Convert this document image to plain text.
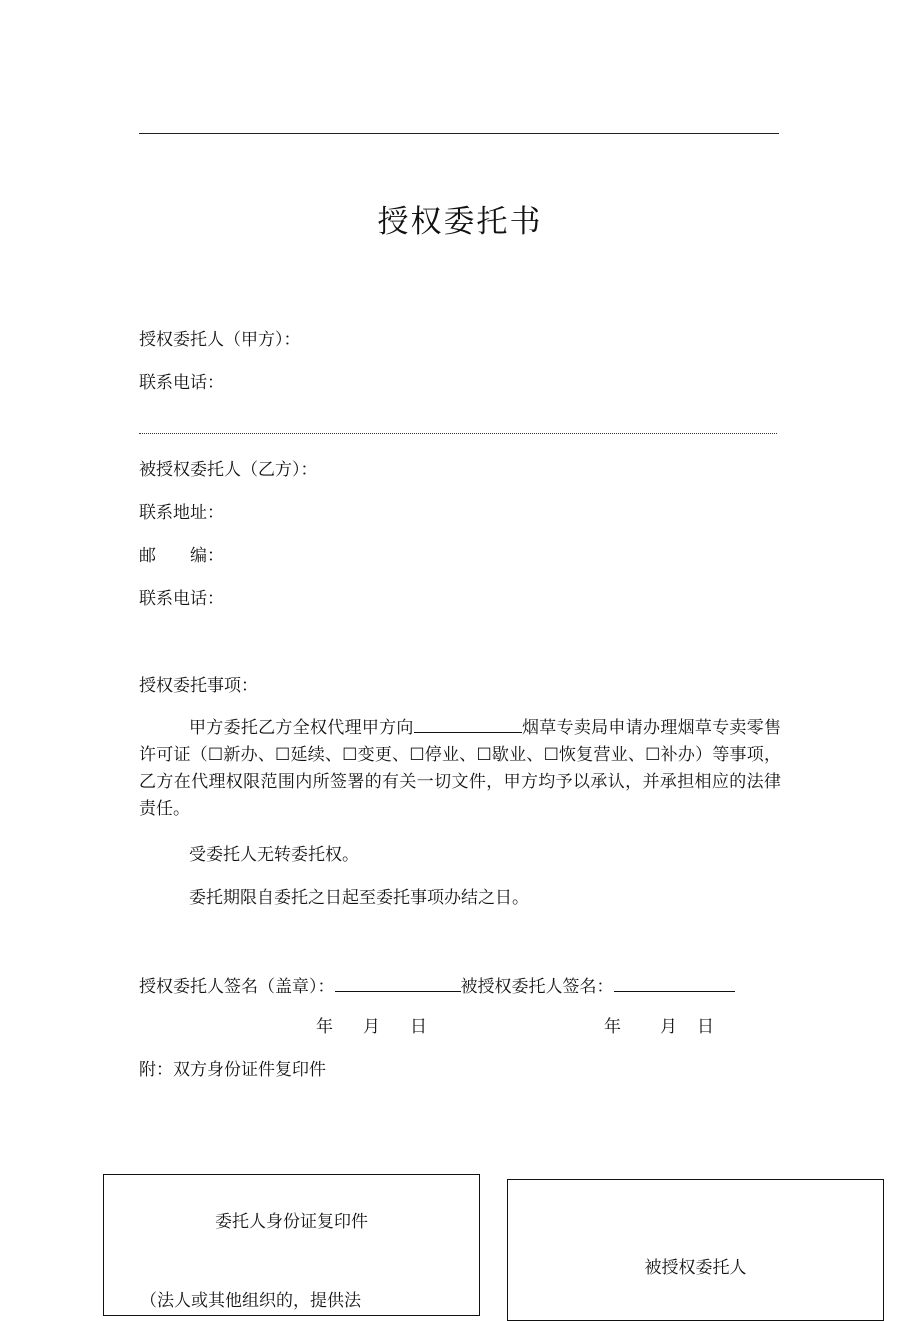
授权委托书
授权委托人（甲方）：
联系电话：
被授权委托人（乙方）：
联系地址：
邮　　编：
联系电话：
授权委托事项：
甲方委托乙方全权代理甲方向	烟草专卖局申请办理烟草专卖零售许可证（☐新办、☐延续、☐变更、☐停业、☐歇业、☐恢复营业、☐补办）等事项，乙方在代理权限范围内所签署的有关一切文件，甲方均予以承认，并承担相应的法律责任。
受委托人无转委托权。
委托期限自委托之日起至委托事项办结之日。
授权委托人签名（盖章）：	被授权委托人签名：
年 月 日	年 月 日
附：双方身份证件复印件
委托人身份证复印件
（法人或其他组织的，提供法
被授权委托人
